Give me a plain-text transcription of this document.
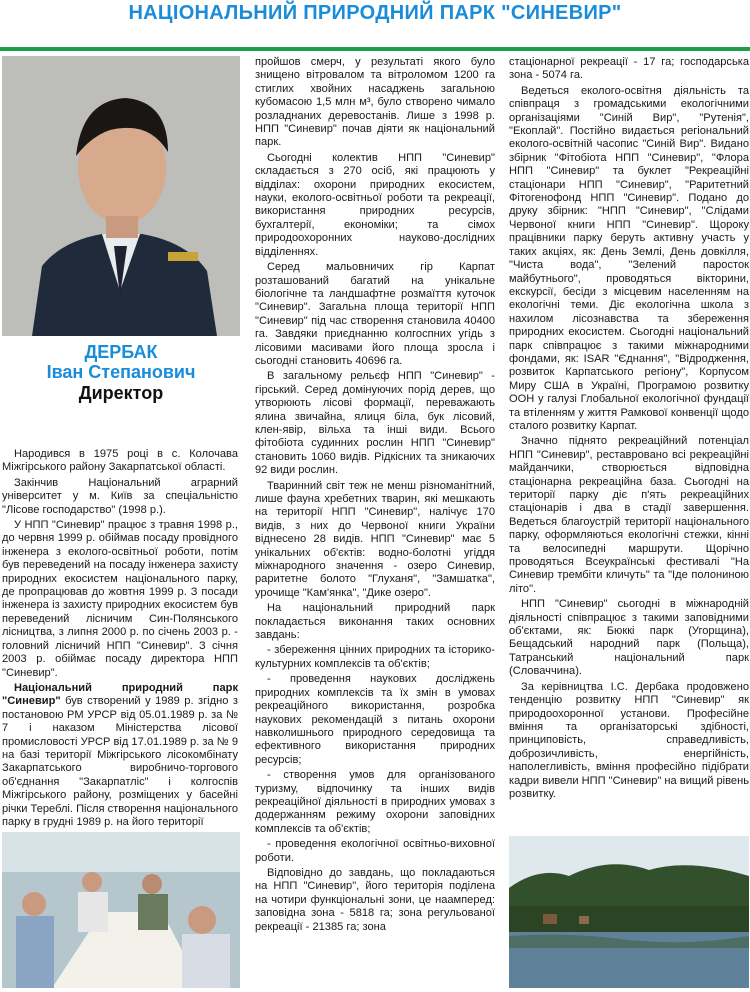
НАЦІОНАЛЬНИЙ ПРИРОДНИЙ ПАРК "СИНЕВИР"
ДЕРБАК
Іван Степанович
Директор

Народився в 1975 році в с. Колочава Міжгірського району Закарпатської області.

Закінчив Національний аграрний університет у м. Київ за спеціальністю "Лісове господарство" (1998 р.).

У НПП "Синевир" працює з травня 1998 р., до червня 1999 р. обіймав посаду провідного інженера з еколого-освітньої роботи, потім був переведений на посаду інженера захисту природних екосистем національного парку, де пропрацював до жовтня 1999 р. З посади інженера із захисту природних екосистем був переведений лісничим Син-Полянського лісництва, з липня 2000 р. по січень 2003 р. - головний лісничий НПП "Синевир". З січня 2003 р. обіймає посаду директора НПП "Синевир".

Національний природний парк "Синевир" був створений у 1989 р. згідно з постановою РМ УРСР від 05.01.1989 р. за № 7 і наказом Міністерства лісової промисловості УРСР від 17.01.1989 р. за № 9 на базі території Міжгірського лісокомбінату Закарпатського виробничо-торгового об'єднання "Закарпатліс" і колгоспів Міжгірського району, розміщених у басейні річки Тереблі. Після створення національного парку в грудні 1989 р. на його території

пройшов смерч, у результаті якого було знищено вітровалом та вітроломом 1200 га стиглих хвойних насаджень загальною кубомасою 1,5 млн м³, було створено чимало розладнаних деревостанів. Лише з 1998 р. НПП "Синевир" почав діяти як національний парк.

Сьогодні колектив НПП "Синевир" складається з 270 осіб, які працюють у відділах: охорони природних екосистем, науки, еколого-освітньої роботи та рекреації, використання природних ресурсів, бухгалтерії, економіки; та сімох природоохоронних науково-дослідних відділеннях.

Серед мальовничих гір Карпат розташований багатий на унікальне біологічне та ландшафтне розмаїття куточок "Синевир". Загальна площа території НПП "Синевир" під час створення становила 40400 га. Завдяки приєднанню колгоспних угідь з лісовими масивами його площа зросла і сьогодні становить 40696 га.

В загальному рельєф НПП "Синевир" - гірський. Серед домінуючих порід дерев, що утворюють лісові формації, переважають ялина звичайна, ялиця біла, бук лісовий, клен-явір, вільха та інші види. Всього фітобіота судинних рослин НПП "Синевир" становить 1060 видів. Рідкісних та зникаючих 92 види рослин.

Тваринний світ теж не менш різноманітний, лише фауна хребетних тварин, які мешкають на території НПП "Синевир", налічує 170 видів, з них до Червоної книги України віднесено 28 видів. НПП "Синевир" має 5 унікальних об'єктів: водно-болотні угіддя міжнародного значення - озеро Синевир, раритетне болото "Глуханя", "Замшатка", урочище "Кам'янка", "Дике озеро".

На національний природний парк покладається виконання таких основних завдань:

- збереження цінних природних та історико-культурних комплексів та об'єктів;

- проведення наукових досліджень природних комплексів та їх змін в умовах рекреаційного використання, розробка наукових рекомендацій з питань охорони навколишнього природного середовища та ефективного використання природних ресурсів;

- створення умов для організованого туризму, відпочинку та інших видів рекреаційної діяльності в природних умовах з додержанням режиму охорони заповідних комплексів та об'єктів;

- проведення екологічної освітньо-виховної роботи.

Відповідно до завдань, що покладаються на НПП "Синевир", його територія поділена на чотири функціональні зони, це наамперед: заповідна зона - 5818 га; зона регульованої рекреації - 21385 га; зона

стаціонарної рекреації - 17 га; господарська зона - 5074 га.

Ведеться еколого-освітня діяльність та співпраця з громадськими екологічними організаціями "Синій Вир", "Рутенія", "Екоплай". Постійно видається регіональний еколого-освітній часопис "Синій Вир". Видано збірник "Фітобіота НПП "Синевир", "Флора НПП "Синевир" та буклет "Рекреаційні стаціонари НПП "Синевир", "Раритетний Фітогенофонд НПП "Синевир". Подано до друку збірник: "НПП "Синевир", "Слідами Червоної книги НПП "Синевир". Щороку працівники парку беруть активну участь у таких акціях, як: День Землі, День довкілля, "Чиста вода", "Зелений паросток майбутнього", проводяться вікторини, екскурсії, бесіди з місцевим населенням на екологічні теми. Діє екологічна школа з нахилом лісознавства та збереження природних екосистем. Сьогодні національний парк співпрацює з такими міжнародними фондами, як: ISAR "Єднання", "Відродження, розвиток Карпатського регіону", Корпусом Миру США в Україні, Програмою розвитку ООН у галузі Глобальної екологічної фундації та втіленням у життя Рамкової конвенції щодо сталого розвитку Карпат.

Значно піднято рекреаційний потенціал НПП "Синевир", реставровано всі рекреаційні майданчики, створюється відповідна стаціонарна рекреаційна база. Сьогодні на території парку діє п'ять рекреаційних стаціонарів і два в стадії завершення. Ведеться благоустрій території національного парку, оформляються екологічні стежки, кінні та велосипедні маршрути. Щорічно проводяться Всеукраїнські фестивалі "На Синевир трембіти кличуть" та "Іде полониною літо".

НПП "Синевир" сьогодні в міжнародній діяльності співпрацює з такими заповідними об'єктами, як: Бюккі парк (Угорщина), Бещадський народний парк (Польща), Татранський національний парк (Словаччина).

За керівництва І.С. Дербака продовжено тенденцію розвитку НПП "Синевир" як природоохоронної установи. Професійне вміння та організаторські здібності, принциповість, справедливість, доброзичливість, енергійність, наполегливість, вміння професійно підібрати кадри вивели НПП "Синевир" на вищий рівень розвитку.
